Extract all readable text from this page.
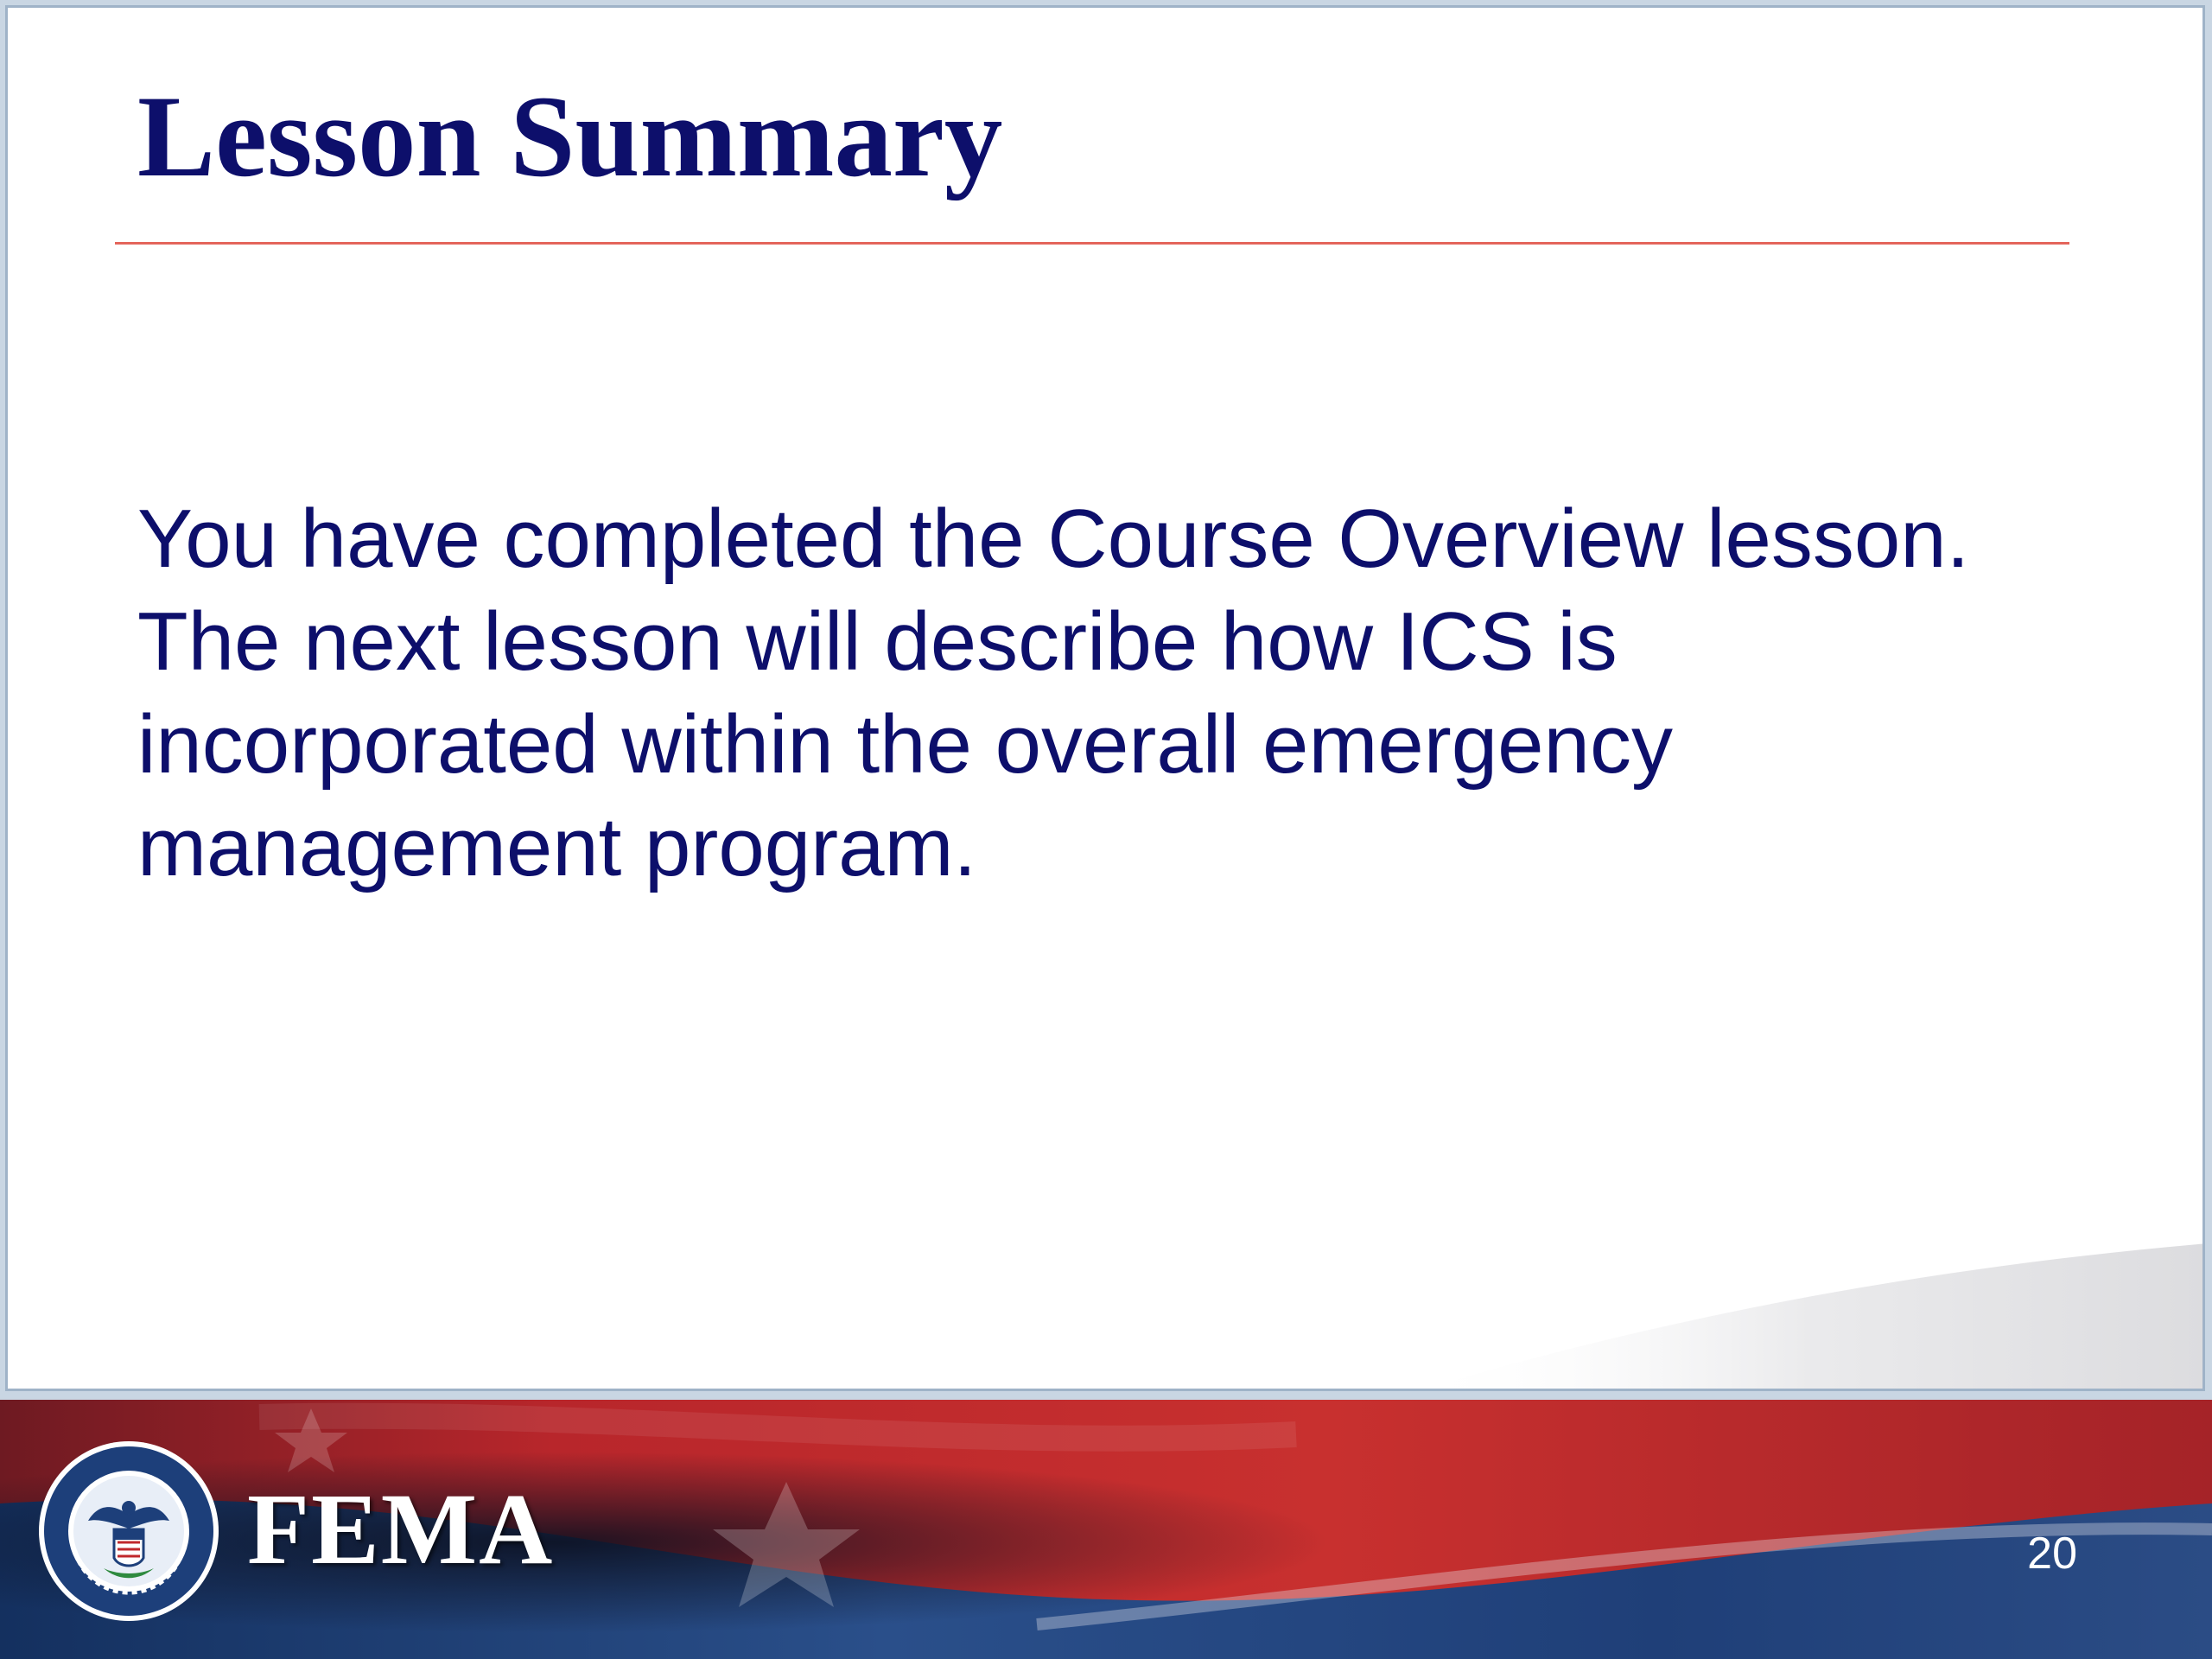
Lesson Summary

You have completed the Course Overview lesson. The next lesson will describe how ICS is incorporated within the overall emergency management program.

FEMA	20
